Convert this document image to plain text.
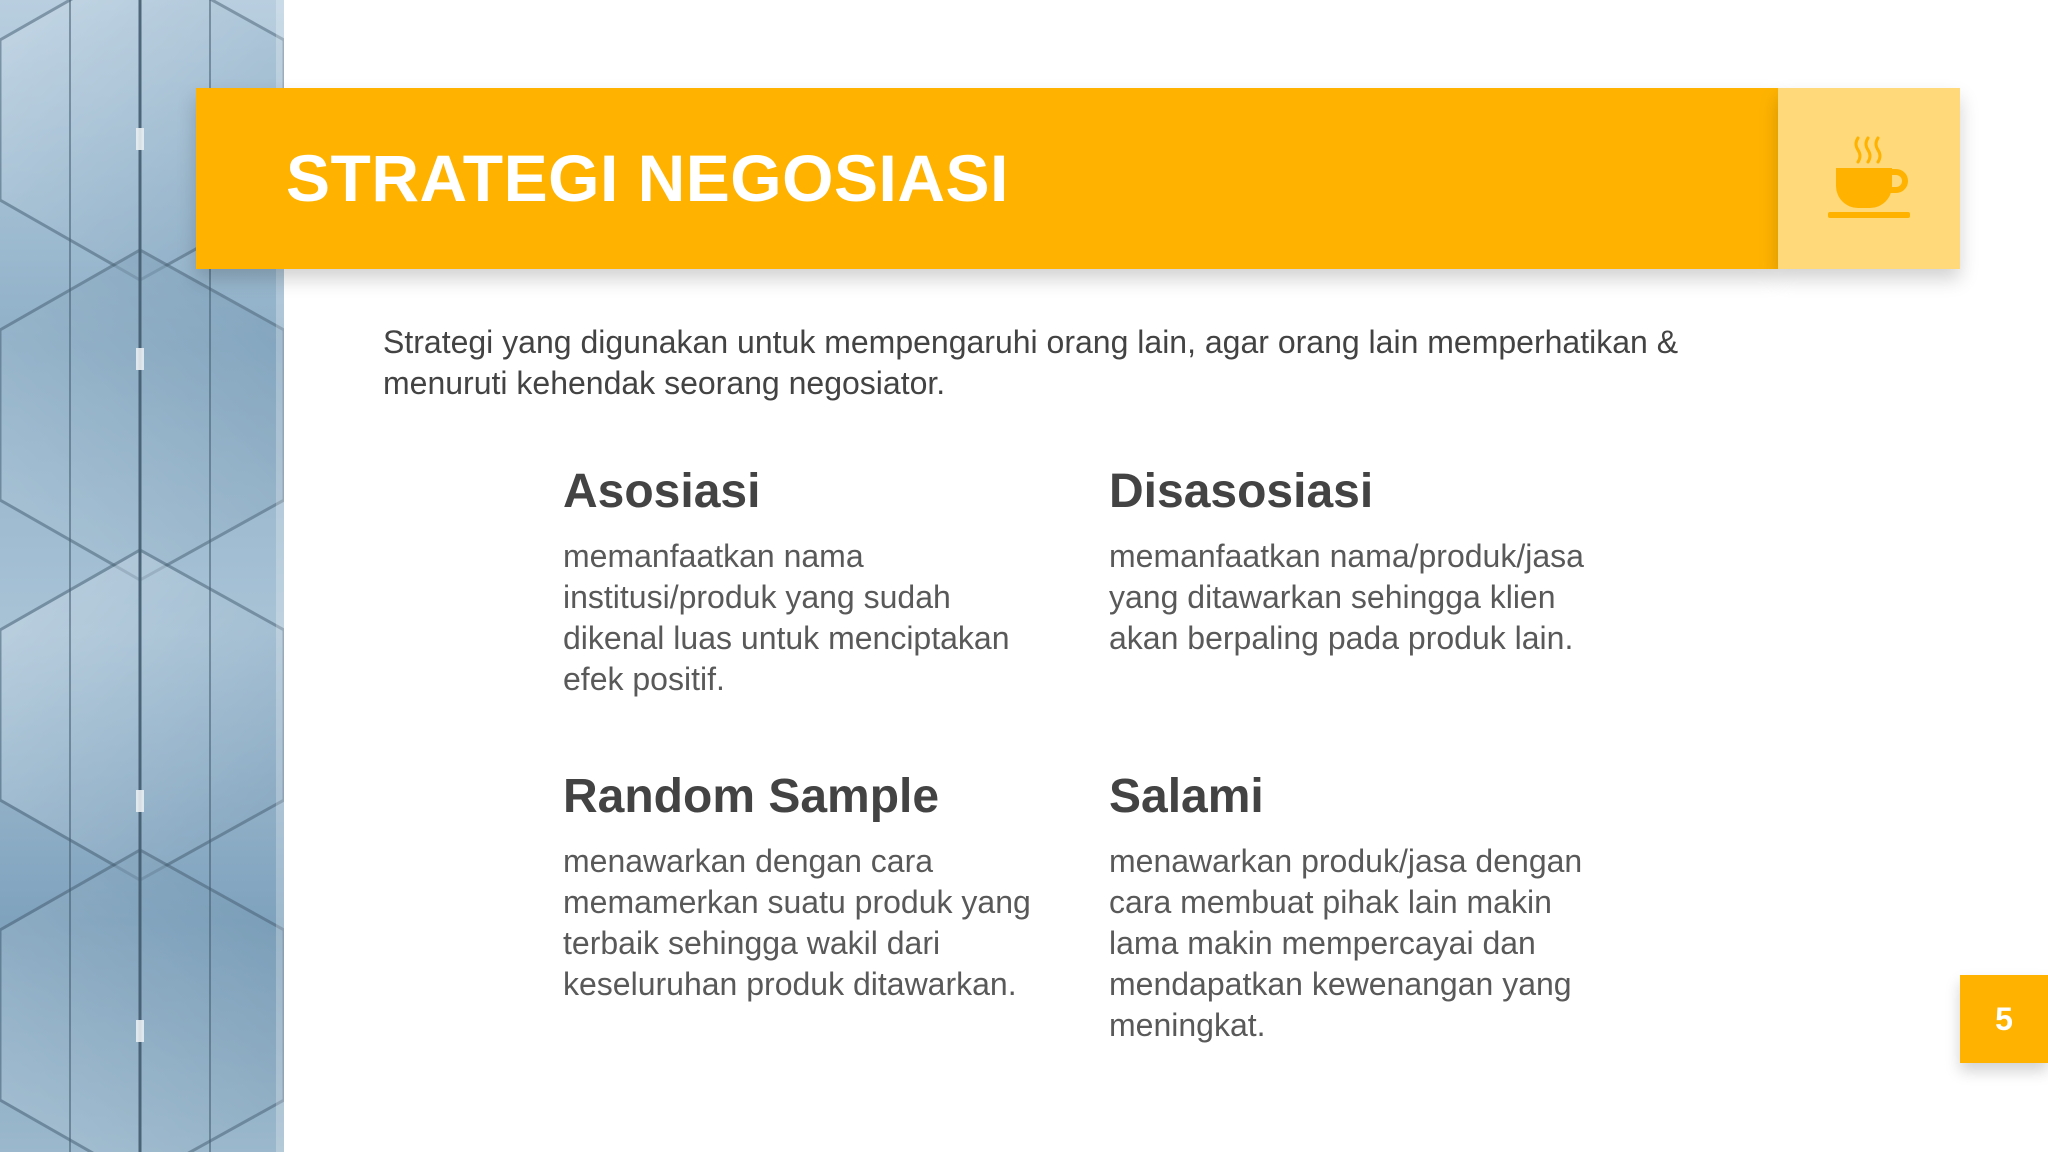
STRATEGI NEGOSIASI
Strategi yang digunakan untuk mempengaruhi orang lain, agar orang lain memperhatikan & menuruti kehendak seorang negosiator.
Asosiasi

memanfaatkan nama institusi/produk yang sudah dikenal luas untuk menciptakan efek positif.

Disasosiasi

memanfaatkan nama/produk/jasa yang ditawarkan sehingga klien akan berpaling pada produk lain.

Random Sample

menawarkan dengan cara memamerkan suatu produk yang terbaik sehingga wakil dari keseluruhan produk ditawarkan.

Salami

menawarkan produk/jasa dengan cara membuat pihak lain makin lama makin mempercayai dan mendapatkan kewenangan yang meningkat.	5
